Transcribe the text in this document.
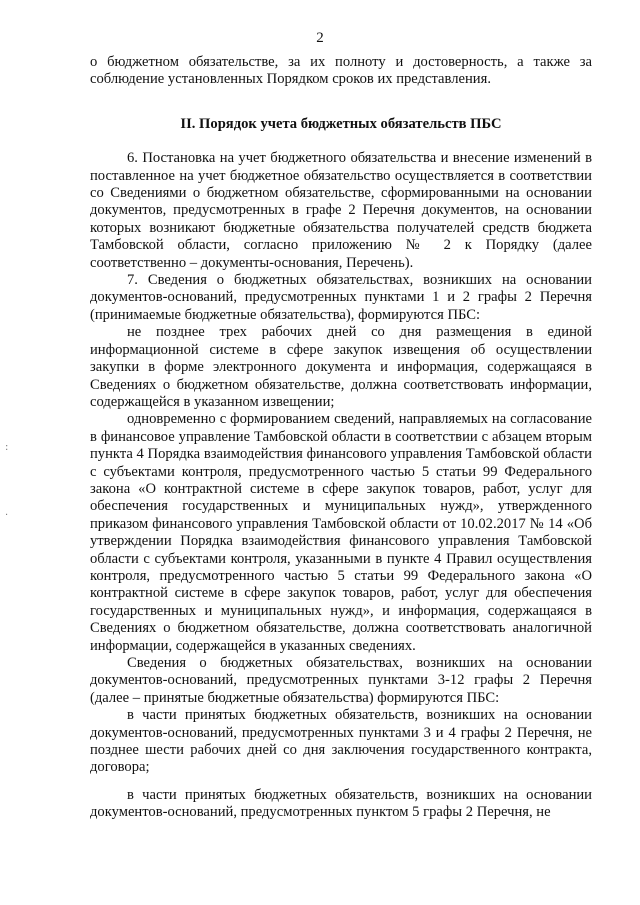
2
:
·

о бюджетном обязательстве, за их полноту и достоверность, а также за соблюдение установленных Порядком сроков их представления.

II. Порядок учета бюджетных обязательств ПБС

6. Постановка на учет бюджетного обязательства и внесение изменений в поставленное на учет бюджетное обязательство осуществляется в соответствии со Сведениями о бюджетном обязательстве, сформированными на основании документов, предусмотренных в графе 2 Перечня документов, на основании которых возникают бюджетные обязательства получателей средств бюджета Тамбовской области, согласно приложению № 2 к Порядку (далее соответственно – документы-основания, Перечень).

7. Сведения о бюджетных обязательствах, возникших на основании документов-оснований, предусмотренных пунктами 1 и 2 графы 2 Перечня (принимаемые бюджетные обязательства), формируются ПБС:

не позднее трех рабочих дней со дня размещения в единой информационной системе в сфере закупок извещения об осуществлении закупки в форме электронного документа и информация, содержащаяся в Сведениях о бюджетном обязательстве, должна соответствовать информации, содержащейся в указанном извещении;

одновременно с формированием сведений, направляемых на согласование в финансовое управление Тамбовской области в соответствии с абзацем вторым пункта 4 Порядка взаимодействия финансового управления Тамбовской области с субъектами контроля, предусмотренного частью 5 статьи 99 Федерального закона «О контрактной системе в сфере закупок товаров, работ, услуг для обеспечения государственных и муниципальных нужд», утвержденного приказом финансового управления Тамбовской области от 10.02.2017 № 14 «Об утверждении Порядка взаимодействия финансового управления Тамбовской области с субъектами контроля, указанными в пункте 4 Правил осуществления контроля, предусмотренного частью 5 статьи 99 Федерального закона «О контрактной системе в сфере закупок товаров, работ, услуг для обеспечения государственных и муниципальных нужд», и информация, содержащаяся в Сведениях о бюджетном обязательстве, должна соответствовать аналогичной информации, содержащейся в указанных сведениях.

Сведения о бюджетных обязательствах, возникших на основании документов-оснований, предусмотренных пунктами 3-12 графы 2 Перечня (далее – принятые бюджетные обязательства) формируются ПБС:

в части принятых бюджетных обязательств, возникших на основании документов-оснований, предусмотренных пунктами 3 и 4 графы 2 Перечня, не позднее шести рабочих дней со дня заключения государственного контракта, договора;

в части принятых бюджетных обязательств, возникших на основании документов-оснований, предусмотренных пунктом 5 графы 2 Перечня, не
